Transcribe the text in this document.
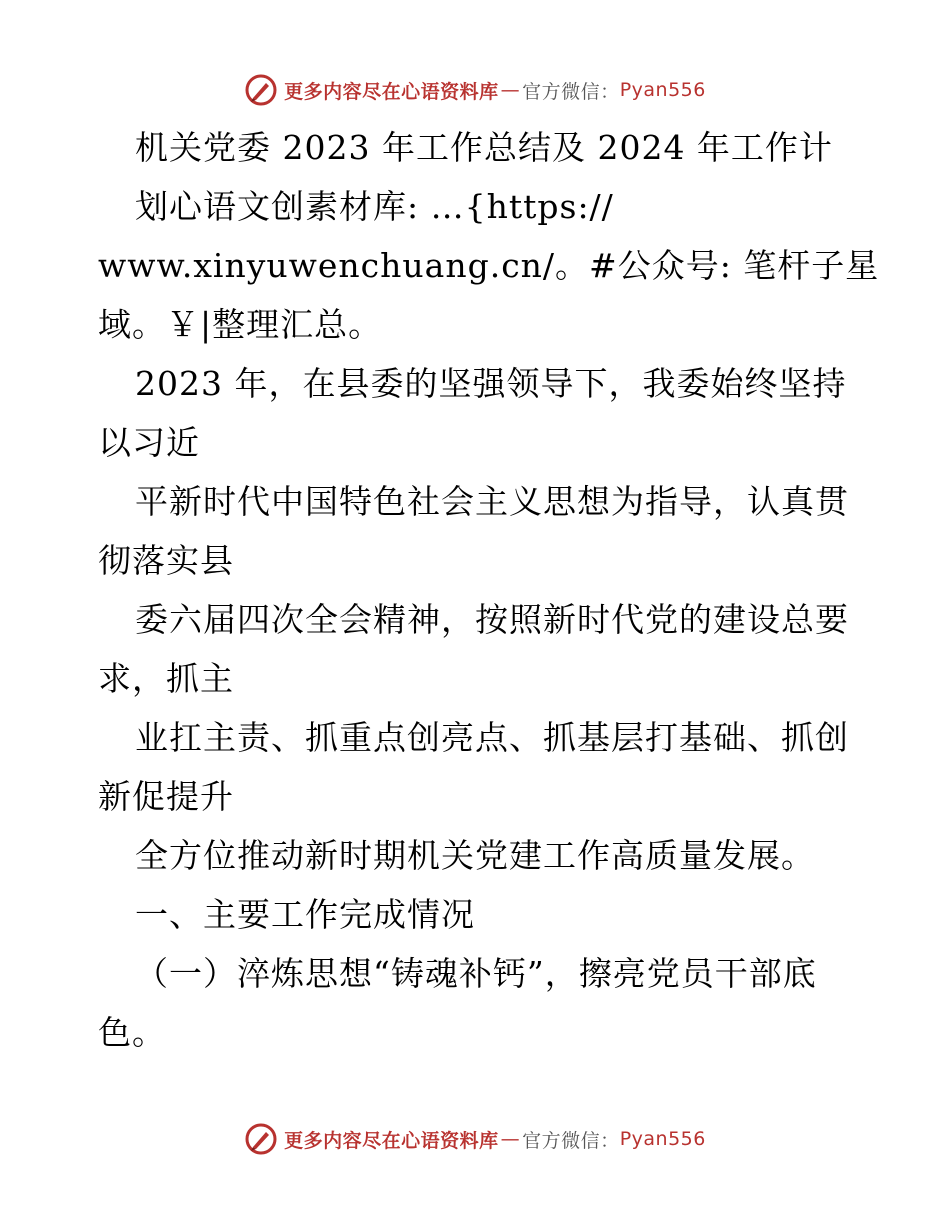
更多内容尽在心语资料库 — 官方微信： Pyan556
机关党委 2023 年工作总结及 2024 年工作计
划心语文创素材库: …{https://
www.xinyuwenchuang.cn/。#公众号: 笔杆子星
域。￥|整理汇总。
2023 年，在县委的坚强领导下，我委始终坚持
以习近
平新时代中国特色社会主义思想为指导，认真贯
彻落实县
委六届四次全会精神，按照新时代党的建设总要
求，抓主
业扛主责、抓重点创亮点、抓基层打基础、抓创
新促提升
全方位推动新时期机关党建工作高质量发展。
一、主要工作完成情况
（一）淬炼思想“铸魂补钙”，擦亮党员干部底
色。
更多内容尽在心语资料库 — 官方微信： Pyan556
